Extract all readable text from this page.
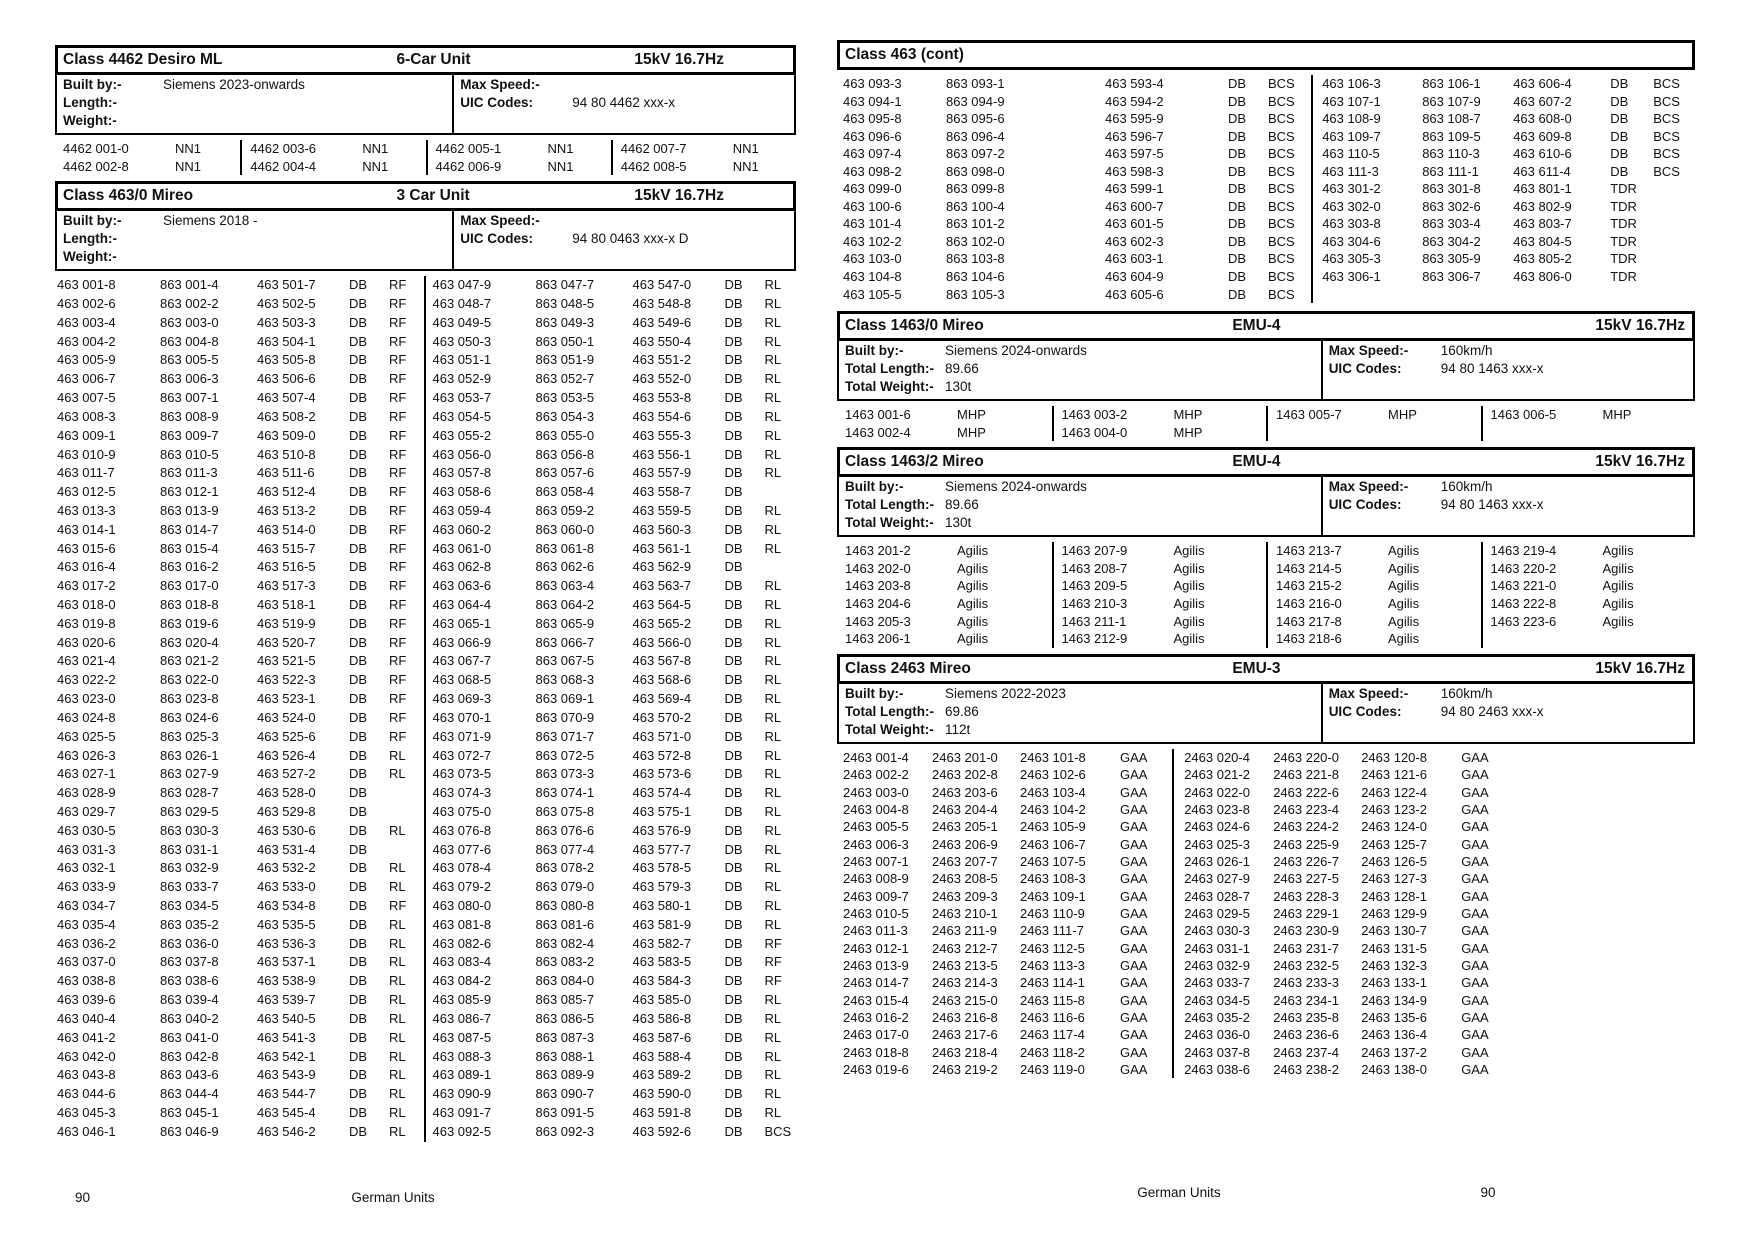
Class 4462 Desiro ML	6-Car Unit	15kV 16.7Hz
Built by:-	Siemens 2023-onwards
Length:-
Weight:-
Max Speed:-
UIC Codes:	94 80 4462 xxx-x
4462 001-0	NN1
4462 002-8	NN1
4462 003-6	NN1
4462 004-4	NN1
4462 005-1	NN1
4462 006-9	NN1
4462 007-7	NN1
4462 008-5	NN1
Class 463/0 Mireo	3 Car Unit	15kV 16.7Hz
Built by:-	Siemens 2018 -
Length:-
Weight:-
Max Speed:-
UIC Codes:	94 80 0463 xxx-x D
463 001-8	863 001-4	463 501-7	DB	RF
463 002-6	863 002-2	463 502-5	DB	RF
463 003-4	863 003-0	463 503-3	DB	RF
463 004-2	863 004-8	463 504-1	DB	RF
463 005-9	863 005-5	463 505-8	DB	RF
463 006-7	863 006-3	463 506-6	DB	RF
463 007-5	863 007-1	463 507-4	DB	RF
463 008-3	863 008-9	463 508-2	DB	RF
463 009-1	863 009-7	463 509-0	DB	RF
463 010-9	863 010-5	463 510-8	DB	RF
463 011-7	863 011-3	463 511-6	DB	RF
463 012-5	863 012-1	463 512-4	DB	RF
463 013-3	863 013-9	463 513-2	DB	RF
463 014-1	863 014-7	463 514-0	DB	RF
463 015-6	863 015-4	463 515-7	DB	RF
463 016-4	863 016-2	463 516-5	DB	RF
463 017-2	863 017-0	463 517-3	DB	RF
463 018-0	863 018-8	463 518-1	DB	RF
463 019-8	863 019-6	463 519-9	DB	RF
463 020-6	863 020-4	463 520-7	DB	RF
463 021-4	863 021-2	463 521-5	DB	RF
463 022-2	863 022-0	463 522-3	DB	RF
463 023-0	863 023-8	463 523-1	DB	RF
463 024-8	863 024-6	463 524-0	DB	RF
463 025-5	863 025-3	463 525-6	DB	RF
463 026-3	863 026-1	463 526-4	DB	RL
463 027-1	863 027-9	463 527-2	DB	RL
463 028-9	863 028-7	463 528-0	DB
463 029-7	863 029-5	463 529-8	DB
463 030-5	863 030-3	463 530-6	DB	RL
463 031-3	863 031-1	463 531-4	DB
463 032-1	863 032-9	463 532-2	DB	RL
463 033-9	863 033-7	463 533-0	DB	RL
463 034-7	863 034-5	463 534-8	DB	RF
463 035-4	863 035-2	463 535-5	DB	RL
463 036-2	863 036-0	463 536-3	DB	RL
463 037-0	863 037-8	463 537-1	DB	RL
463 038-8	863 038-6	463 538-9	DB	RL
463 039-6	863 039-4	463 539-7	DB	RL
463 040-4	863 040-2	463 540-5	DB	RL
463 041-2	863 041-0	463 541-3	DB	RL
463 042-0	863 042-8	463 542-1	DB	RL
463 043-8	863 043-6	463 543-9	DB	RL
463 044-6	863 044-4	463 544-7	DB	RL
463 045-3	863 045-1	463 545-4	DB	RL
463 046-1	863 046-9	463 546-2	DB	RL
463 047-9	863 047-7	463 547-0	DB	RL
463 048-7	863 048-5	463 548-8	DB	RL
463 049-5	863 049-3	463 549-6	DB	RL
463 050-3	863 050-1	463 550-4	DB	RL
463 051-1	863 051-9	463 551-2	DB	RL
463 052-9	863 052-7	463 552-0	DB	RL
463 053-7	863 053-5	463 553-8	DB	RL
463 054-5	863 054-3	463 554-6	DB	RL
463 055-2	863 055-0	463 555-3	DB	RL
463 056-0	863 056-8	463 556-1	DB	RL
463 057-8	863 057-6	463 557-9	DB	RL
463 058-6	863 058-4	463 558-7	DB
463 059-4	863 059-2	463 559-5	DB	RL
463 060-2	863 060-0	463 560-3	DB	RL
463 061-0	863 061-8	463 561-1	DB	RL
463 062-8	863 062-6	463 562-9	DB
463 063-6	863 063-4	463 563-7	DB	RL
463 064-4	863 064-2	463 564-5	DB	RL
463 065-1	863 065-9	463 565-2	DB	RL
463 066-9	863 066-7	463 566-0	DB	RL
463 067-7	863 067-5	463 567-8	DB	RL
463 068-5	863 068-3	463 568-6	DB	RL
463 069-3	863 069-1	463 569-4	DB	RL
463 070-1	863 070-9	463 570-2	DB	RL
463 071-9	863 071-7	463 571-0	DB	RL
463 072-7	863 072-5	463 572-8	DB	RL
463 073-5	863 073-3	463 573-6	DB	RL
463 074-3	863 074-1	463 574-4	DB	RL
463 075-0	863 075-8	463 575-1	DB	RL
463 076-8	863 076-6	463 576-9	DB	RL
463 077-6	863 077-4	463 577-7	DB	RL
463 078-4	863 078-2	463 578-5	DB	RL
463 079-2	863 079-0	463 579-3	DB	RL
463 080-0	863 080-8	463 580-1	DB	RL
463 081-8	863 081-6	463 581-9	DB	RL
463 082-6	863 082-4	463 582-7	DB	RF
463 083-4	863 083-2	463 583-5	DB	RF
463 084-2	863 084-0	463 584-3	DB	RF
463 085-9	863 085-7	463 585-0	DB	RL
463 086-7	863 086-5	463 586-8	DB	RL
463 087-5	863 087-3	463 587-6	DB	RL
463 088-3	863 088-1	463 588-4	DB	RL
463 089-1	863 089-9	463 589-2	DB	RL
463 090-9	863 090-7	463 590-0	DB	RL
463 091-7	863 091-5	463 591-8	DB	RL
463 092-5	863 092-3	463 592-6	DB	BCS
90	German Units
Class 463 (cont)
463 093-3	863 093-1	463 593-4	DB	BCS
463 094-1	863 094-9	463 594-2	DB	BCS
463 095-8	863 095-6	463 595-9	DB	BCS
463 096-6	863 096-4	463 596-7	DB	BCS
463 097-4	863 097-2	463 597-5	DB	BCS
463 098-2	863 098-0	463 598-3	DB	BCS
463 099-0	863 099-8	463 599-1	DB	BCS
463 100-6	863 100-4	463 600-7	DB	BCS
463 101-4	863 101-2	463 601-5	DB	BCS
463 102-2	863 102-0	463 602-3	DB	BCS
463 103-0	863 103-8	463 603-1	DB	BCS
463 104-8	863 104-6	463 604-9	DB	BCS
463 105-5	863 105-3	463 605-6	DB	BCS
463 106-3	863 106-1	463 606-4	DB	BCS
463 107-1	863 107-9	463 607-2	DB	BCS
463 108-9	863 108-7	463 608-0	DB	BCS
463 109-7	863 109-5	463 609-8	DB	BCS
463 110-5	863 110-3	463 610-6	DB	BCS
463 111-3	863 111-1	463 611-4	DB	BCS
463 301-2	863 301-8	463 801-1	TDR
463 302-0	863 302-6	463 802-9	TDR
463 303-8	863 303-4	463 803-7	TDR
463 304-6	863 304-2	463 804-5	TDR
463 305-3	863 305-9	463 805-2	TDR
463 306-1	863 306-7	463 806-0	TDR
Class 1463/0 Mireo	EMU-4	15kV 16.7Hz
Built by:-	Siemens 2024-onwards
Total Length:- 89.66
Total Weight:- 130t
Max Speed:- 160km/h
UIC Codes:	94 80 1463 xxx-x
1463 001-6	MHP
1463 002-4	MHP
1463 003-2	MHP
1463 004-0	MHP
1463 005-7	MHP	1463 006-5	MHP
Class 1463/2 Mireo	EMU-4	15kV 16.7Hz
Built by:-	Siemens 2024-onwards
Total Length:- 89.66
Total Weight:- 130t
Max Speed:- 160km/h
UIC Codes:	94 80 1463 xxx-x
1463 201-2	Agilis
1463 202-0	Agilis
1463 203-8	Agilis
1463 204-6	Agilis
1463 205-3	Agilis
1463 206-1	Agilis
1463 207-9	Agilis
1463 208-7	Agilis
1463 209-5	Agilis
1463 210-3	Agilis
1463 211-1	Agilis
1463 212-9	Agilis
1463 213-7	Agilis
1463 214-5	Agilis
1463 215-2	Agilis
1463 216-0	Agilis
1463 217-8	Agilis
1463 218-6	Agilis
1463 219-4	Agilis
1463 220-2	Agilis
1463 221-0	Agilis
1463 222-8	Agilis
1463 223-6	Agilis
Class 2463 Mireo	EMU-3	15kV 16.7Hz
Built by:-	Siemens 2022-2023
Total Length:- 69.86
Total Weight:- 112t
Max Speed:- 160km/h
UIC Codes:	94 80 2463 xxx-x
2463 001-4	2463 201-0	2463 101-8	GAA
2463 002-2	2463 202-8	2463 102-6	GAA
2463 003-0	2463 203-6	2463 103-4	GAA
2463 004-8	2463 204-4	2463 104-2	GAA
2463 005-5	2463 205-1	2463 105-9	GAA
2463 006-3	2463 206-9	2463 106-7	GAA
2463 007-1	2463 207-7	2463 107-5	GAA
2463 008-9	2463 208-5	2463 108-3	GAA
2463 009-7	2463 209-3	2463 109-1	GAA
2463 010-5	2463 210-1	2463 110-9	GAA
2463 011-3	2463 211-9	2463 111-7	GAA
2463 012-1	2463 212-7	2463 112-5	GAA
2463 013-9	2463 213-5	2463 113-3	GAA
2463 014-7	2463 214-3	2463 114-1	GAA
2463 015-4	2463 215-0	2463 115-8	GAA
2463 016-2	2463 216-8	2463 116-6	GAA
2463 017-0	2463 217-6	2463 117-4	GAA
2463 018-8	2463 218-4	2463 118-2	GAA
2463 019-6	2463 219-2	2463 119-0	GAA
2463 020-4	2463 220-0	2463 120-8	GAA
2463 021-2	2463 221-8	2463 121-6	GAA
2463 022-0	2463 222-6	2463 122-4	GAA
2463 023-8	2463 223-4	2463 123-2	GAA
2463 024-6	2463 224-2	2463 124-0	GAA
2463 025-3	2463 225-9	2463 125-7	GAA
2463 026-1	2463 226-7	2463 126-5	GAA
2463 027-9	2463 227-5	2463 127-3	GAA
2463 028-7	2463 228-3	2463 128-1	GAA
2463 029-5	2463 229-1	2463 129-9	GAA
2463 030-3	2463 230-9	2463 130-7	GAA
2463 031-1	2463 231-7	2463 131-5	GAA
2463 032-9	2463 232-5	2463 132-3	GAA
2463 033-7	2463 233-3	2463 133-1	GAA
2463 034-5	2463 234-1	2463 134-9	GAA
2463 035-2	2463 235-8	2463 135-6	GAA
2463 036-0	2463 236-6	2463 136-4	GAA
2463 037-8	2463 237-4	2463 137-2	GAA
2463 038-6	2463 238-2	2463 138-0	GAA
German Units	90
